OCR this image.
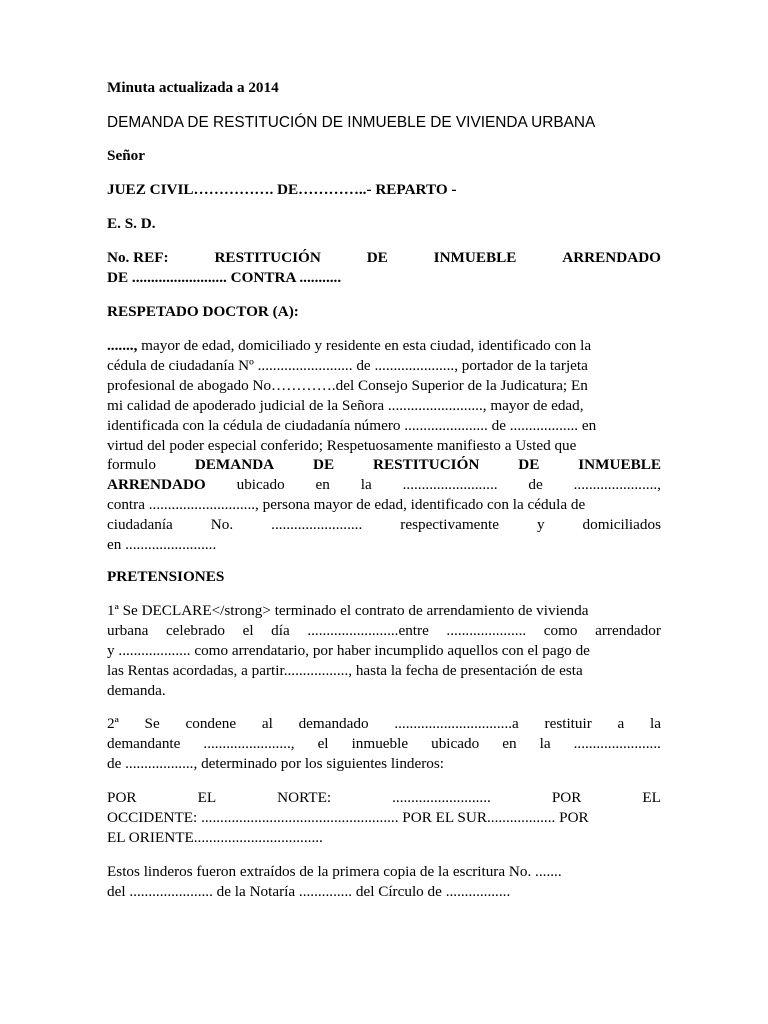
Minuta actualizada a 2014
DEMANDA DE RESTITUCIÓN DE INMUEBLE DE VIVIENDA URBANA
Señor
JUEZ CIVIL……………. DE…………..- REPARTO -
E. S. D.
No. REF:	RESTITUCIÓN	DE	INMUEBLE	ARRENDADO
DE ......................... CONTRA ...........
RESPETADO DOCTOR (A):
......., mayor de edad, domiciliado y residente en esta ciudad, identificado con la
cédula de ciudadanía Nº ......................... de ....................., portador de la tarjeta
profesional de abogado No………….del Consejo Superior de la Judicatura; En
mi calidad de apoderado judicial de la Señora ........................., mayor de edad,
identificada con la cédula de ciudadanía número ...................... de .................. en
virtud del poder especial conferido; Respetuosamente manifiesto a Usted que
formulo	DEMANDA	DE	RESTITUCIÓN	DE	INMUEBLE
ARRENDADO ubicado en la ......................... de ......................,
contra ............................, persona mayor de edad, identificado con la cédula de
ciudadanía	No.	........................	respectivamente	y	domiciliados
en ........................
PRETENSIONES
1ª Se DECLARE</strong> terminado el contrato de arrendamiento de vivienda
urbana celebrado el día ........................entre ..................... como arrendador
y ................... como arrendatario, por haber incumplido aquellos con el pago de
las Rentas acordadas, a partir................., hasta la fecha de presentación de esta
demanda.
2ª Se condene al demandado ...............................a restituir a la
demandante ......................., el inmueble ubicado en la .......................
de .................., determinado por los siguientes linderos:
POR	EL	NORTE:	..........................	POR	EL
OCCIDENTE: .................................................... POR EL SUR.................. POR
EL ORIENTE..................................
Estos linderos fueron extraídos de la primera copia de la escritura No. .......
del ...................... de la Notaría .............. del Círculo de .................
